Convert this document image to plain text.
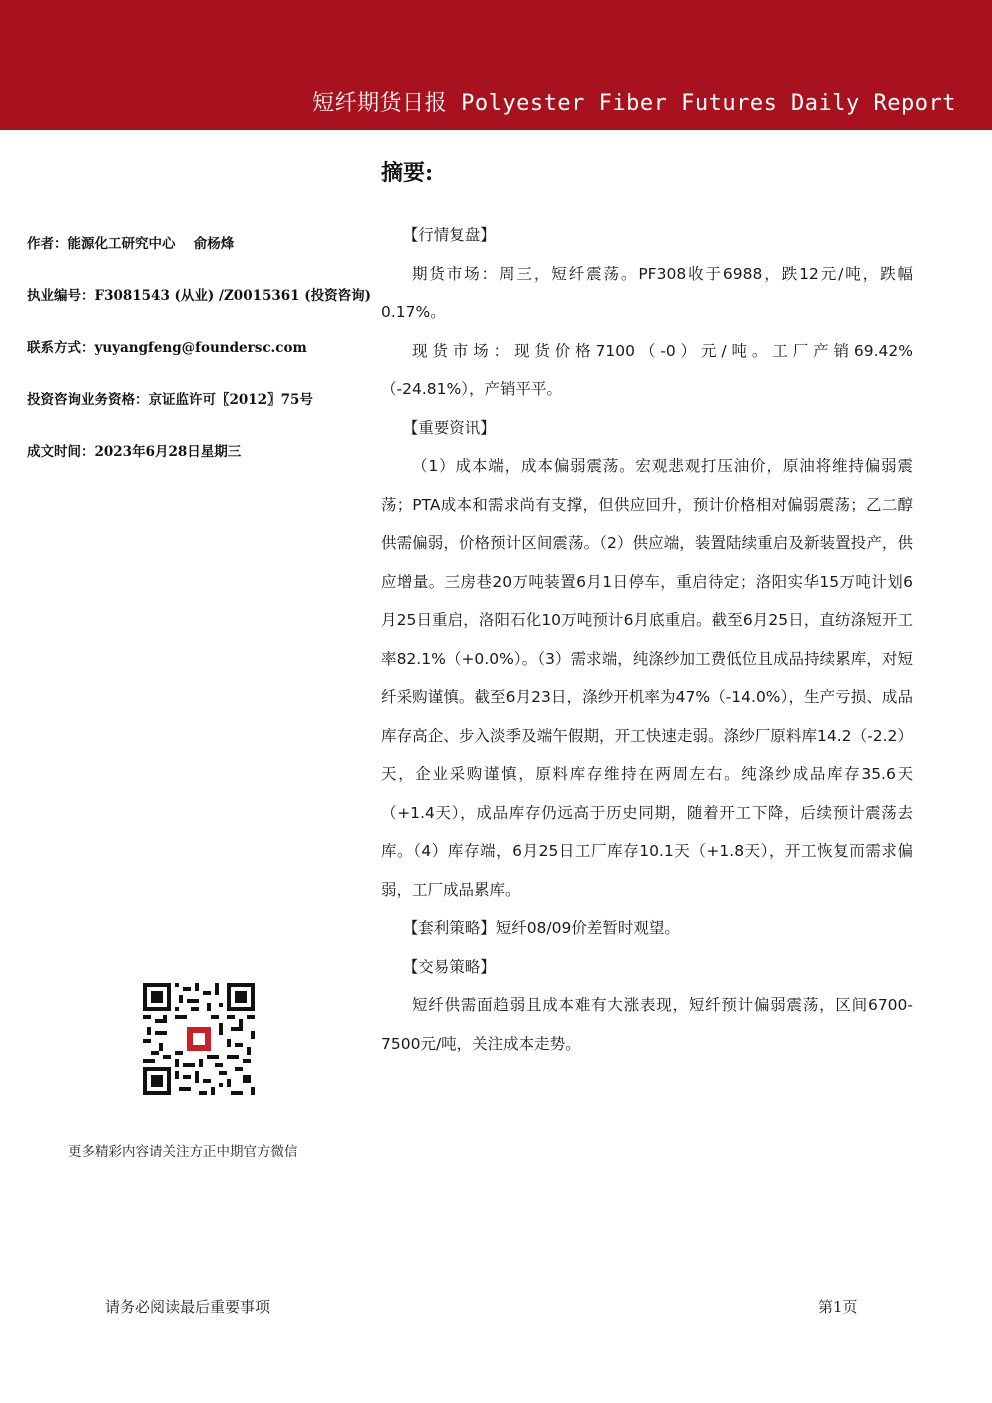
短纤期货日报 Polyester Fiber Futures Daily Report
摘要:
作者：能源化工研究中心　 俞杨烽
执业编号：F3081543 (从业) /Z0015361 (投资咨询)
联系方式：yuyangfeng@foundersc.com
投资咨询业务资格：京证监许可〖2012〗75号
成文时间：2023年6月28日星期三

【行情复盘】

期货市场：周三，短纤震荡。PF308收于6988，跌12元/吨，跌幅0.17%。

现货市场：现货价格7100（-0）元/吨。工厂产销69.42%（-24.81%），产销平平。

【重要资讯】

（1）成本端，成本偏弱震荡。宏观悲观打压油价，原油将维持偏弱震荡；PTA成本和需求尚有支撑，但供应回升，预计价格相对偏弱震荡；乙二醇供需偏弱，价格预计区间震荡。（2）供应端，装置陆续重启及新装置投产，供应增量。三房巷20万吨装置6月1日停车，重启待定；洛阳实华15万吨计划6月25日重启，洛阳石化10万吨预计6月底重启。截至6月25日，直纺涤短开工率82.1%（+0.0%）。（3）需求端，纯涤纱加工费低位且成品持续累库，对短纤采购谨慎。截至6月23日，涤纱开机率为47%（-14.0%），生产亏损、成品库存高企、步入淡季及端午假期，开工快速走弱。涤纱厂原料库14.2（-2.2）天，企业采购谨慎，原料库存维持在两周左右。纯涤纱成品库存35.6天（+1.4天），成品库存仍远高于历史同期，随着开工下降，后续预计震荡去库。（4）库存端，6月25日工厂库存10.1天（+1.8天），开工恢复而需求偏弱，工厂成品累库。

【套利策略】短纤08/09价差暂时观望。

【交易策略】

短纤供需面趋弱且成本难有大涨表现，短纤预计偏弱震荡，区间6700-7500元/吨，关注成本走势。

更多精彩内容请关注方正中期官方微信
请务必阅读最后重要事项	第1页
